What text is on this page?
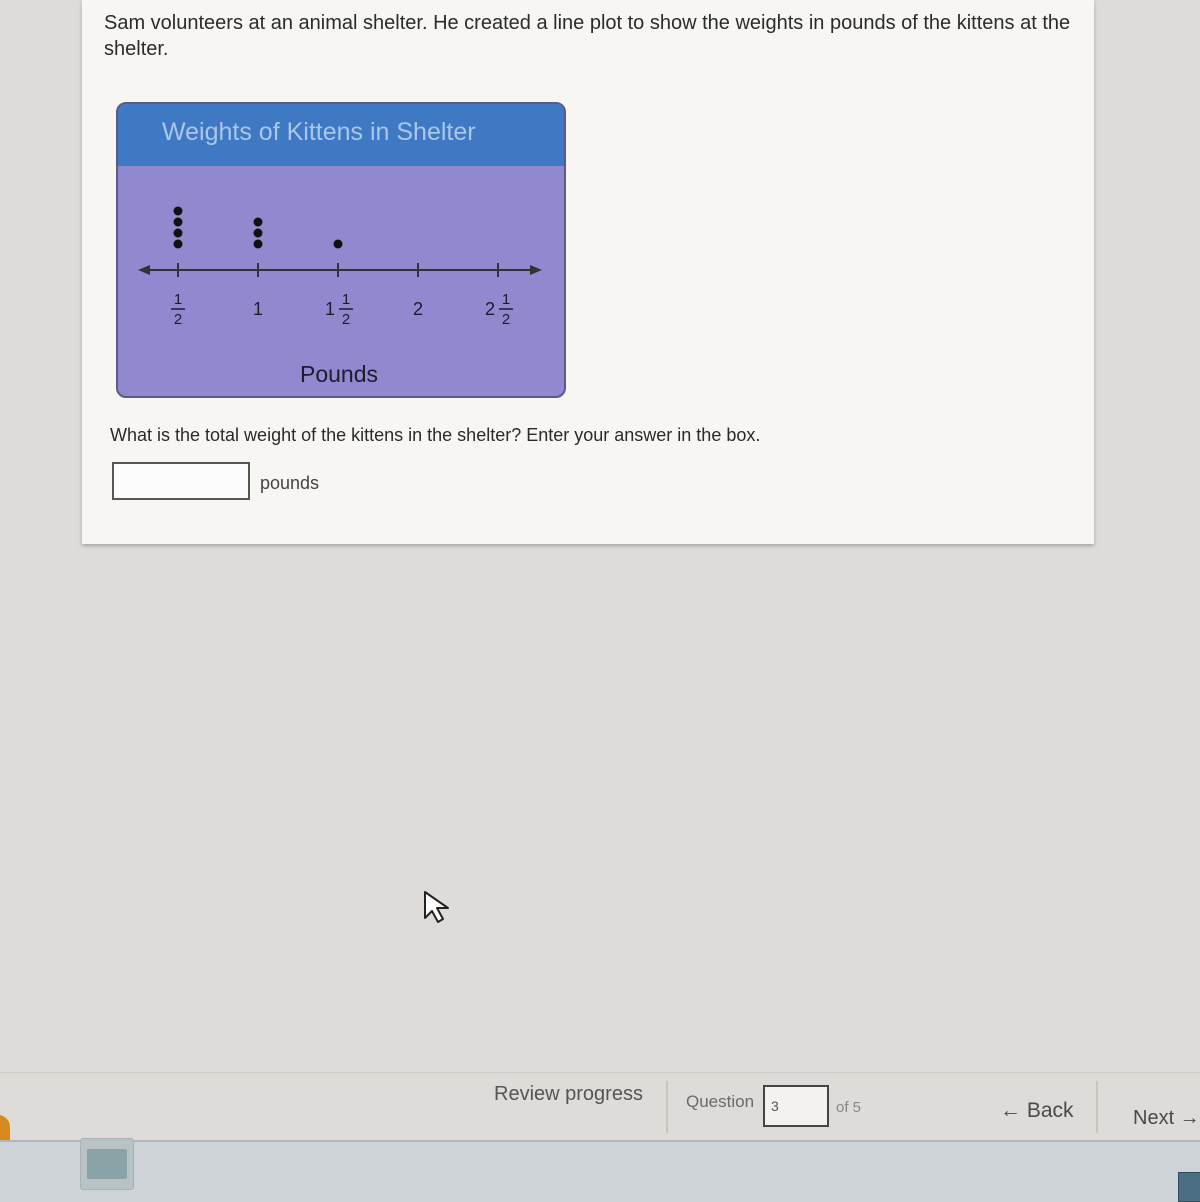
Sam volunteers at an animal shelter. He created a line plot to show the weights in pounds of the kittens at the shelter.
Weights of Kittens in Shelter
1
2
1	1 1
2
2	2 1
2
Pounds
What is the total weight of the kittens in the shelter? Enter your answer in the box.
pounds
Review progress	Question
3	of 5	← Back	Next →
